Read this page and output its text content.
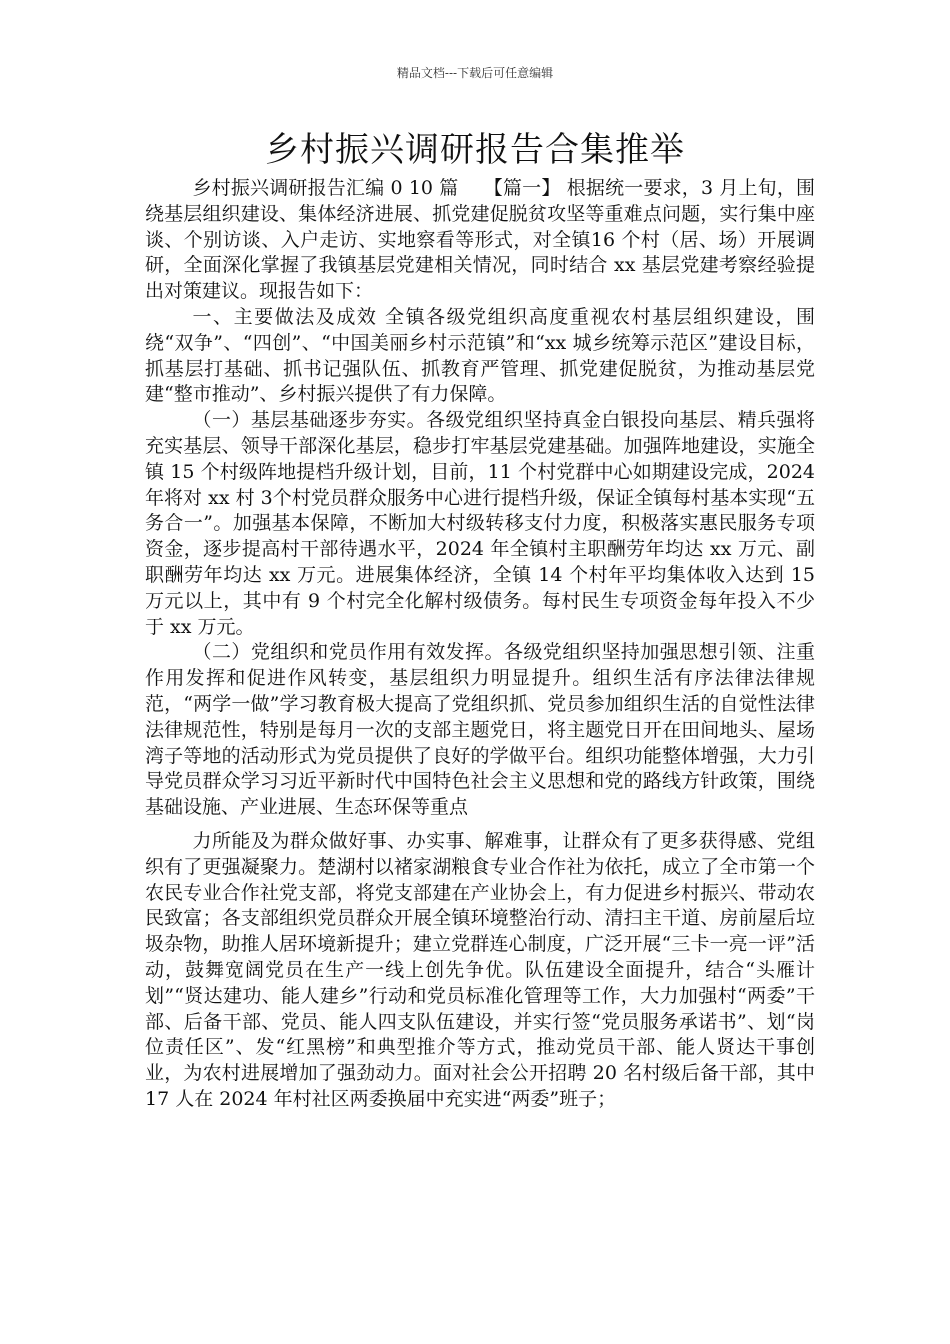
精品文档---下载后可任意编辑
乡村振兴调研报告合集推举

乡村振兴调研报告汇编 0 10 篇　 【篇一】 根据统一要求，3 月上旬，围绕基层组织建设、集体经济进展、抓党建促脱贫攻坚等重难点问题，实行集中座谈、个别访谈、入户走访、实地察看等形式，对全镇16 个村（居、场）开展调研，全面深化掌握了我镇基层党建相关情况，同时结合 xx 基层党建考察经验提出对策建议。现报告如下：

一、主要做法及成效 全镇各级党组织高度重视农村基层组织建设，围绕“双争”、“四创”、“中国美丽乡村示范镇”和“xx 城乡统筹示范区”建设目标，抓基层打基础、抓书记强队伍、抓教育严管理、抓党建促脱贫，为推动基层党建“整市推动”、乡村振兴提供了有力保障。

（一）基层基础逐步夯实。各级党组织坚持真金白银投向基层、精兵强将充实基层、领导干部深化基层，稳步打牢基层党建基础。加强阵地建设，实施全镇 15 个村级阵地提档升级计划，目前，11 个村党群中心如期建设完成，2024 年将对 xx 村 3个村党员群众服务中心进行提档升级，保证全镇每村基本实现“五务合一”。加强基本保障，不断加大村级转移支付力度，积极落实惠民服务专项资金，逐步提高村干部待遇水平，2024 年全镇村主职酬劳年均达 xx 万元、副职酬劳年均达 xx 万元。进展集体经济，全镇 14 个村年平均集体收入达到 15 万元以上，其中有 9 个村完全化解村级债务。每村民生专项资金每年投入不少于 xx 万元。

（二）党组织和党员作用有效发挥。各级党组织坚持加强思想引领、注重作用发挥和促进作风转变，基层组织力明显提升。组织生活有序法律法律规范，“两学一做”学习教育极大提高了党组织抓、党员参加组织生活的自觉性法律法律规范性，特别是每月一次的支部主题党日，将主题党日开在田间地头、屋场湾子等地的活动形式为党员提供了良好的学做平台。组织功能整体增强，大力引导党员群众学习习近平新时代中国特色社会主义思想和党的路线方针政策，围绕基础设施、产业进展、生态环保等重点

力所能及为群众做好事、办实事、解难事，让群众有了更多获得感、党组织有了更强凝聚力。楚湖村以褚家湖粮食专业合作社为依托，成立了全市第一个农民专业合作社党支部，将党支部建在产业协会上，有力促进乡村振兴、带动农民致富；各支部组织党员群众开展全镇环境整治行动、清扫主干道、房前屋后垃圾杂物，助推人居环境新提升；建立党群连心制度，广泛开展“三卡一亮一评”活动，鼓舞宽阔党员在生产一线上创先争优。队伍建设全面提升，结合“头雁计划”“贤达建功、能人建乡”行动和党员标准化管理等工作，大力加强村“两委”干部、后备干部、党员、能人四支队伍建设，并实行签“党员服务承诺书”、划“岗位责任区”、发“红黑榜”和典型推介等方式，推动党员干部、能人贤达干事创业，为农村进展增加了强劲动力。面对社会公开招聘 20 名村级后备干部，其中 17 人在 2024 年村社区两委换届中充实进“两委”班子；
